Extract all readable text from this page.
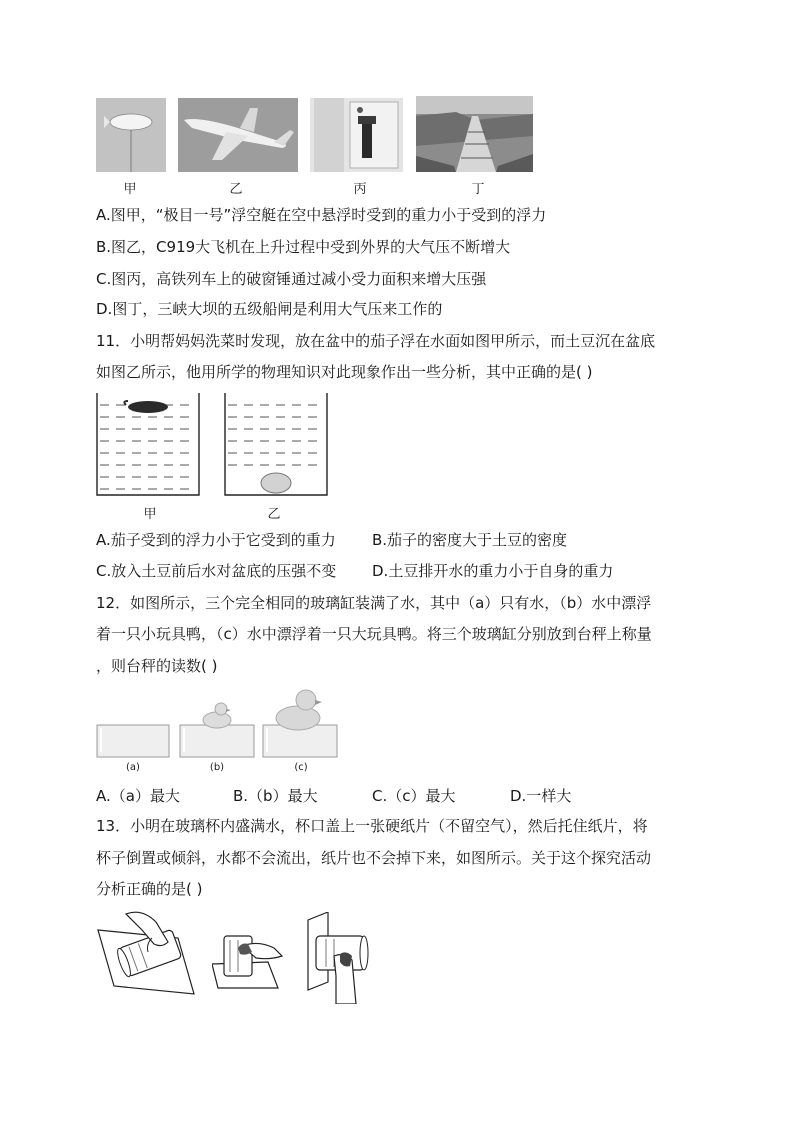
甲	乙	丙	丁
A.图甲，“极目一号”浮空艇在空中悬浮时受到的重力小于受到的浮力
B.图乙，C919大飞机在上升过程中受到外界的大气压不断增大
C.图丙，高铁列车上的破窗锤通过减小受力面积来增大压强
D.图丁，三峡大坝的五级船闸是利用大气压来工作的
11．小明帮妈妈洗菜时发现，放在盆中的茄子浮在水面如图甲所示，而土豆沉在盆底
如图乙所示，他用所学的物理知识对此现象作出一些分析，其中正确的是( )
甲	乙
A.茄子受到的浮力小于它受到的重力 B.茄子的密度大于土豆的密度
C.放入土豆前后水对盆底的压强不变 D.土豆排开水的重力小于自身的重力
12．如图所示，三个完全相同的玻璃缸装满了水，其中（a）只有水，（b）水中漂浮
着一只小玩具鸭，（c）水中漂浮着一只大玩具鸭。将三个玻璃缸分别放到台秤上称量
，则台秤的读数( )
(a)	(b)	(c)
A.（a）最大	B.（b）最大	C.（c）最大	D.一样大
13．小明在玻璃杯内盛满水，杯口盖上一张硬纸片（不留空气），然后托住纸片，将
杯子倒置或倾斜，水都不会流出，纸片也不会掉下来，如图所示。关于这个探究活动
分析正确的是( )
